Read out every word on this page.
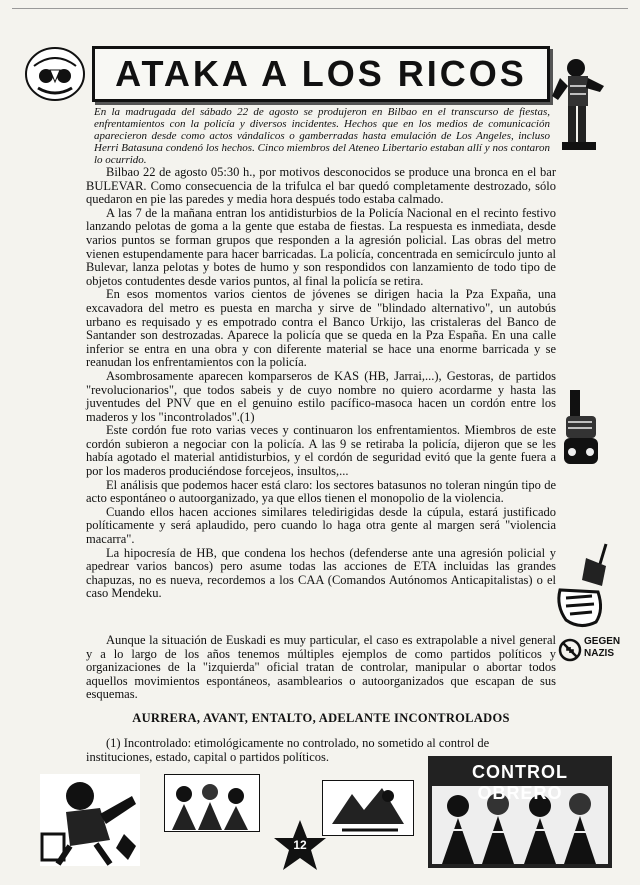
ATAKA A LOS RICOS
En la madrugada del sábado 22 de agosto se produjeron en Bilbao en el transcurso de fiestas, enfrentamientos con la policía y diversos incidentes. Hechos que en los medios de comunicación aparecieron desde como actos vándalicos o gamberradas hasta emulación de Los Angeles, incluso Herri Batasuna condenó los hechos. Cinco miembros del Ateneo Libertario estaban allí y nos contaron lo ocurrido.

Bilbao 22 de agosto 05:30 h., por motivos desconocidos se produce una bronca en el bar BULEVAR. Como consecuencia de la trifulca el bar quedó completamente destrozado, sólo quedaron en pie las paredes y media hora después todo estaba calmado.

A las 7 de la mañana entran los antidisturbios de la Policía Nacional en el recinto festivo lanzando pelotas de goma a la gente que estaba de fiestas. La respuesta es inmediata, desde varios puntos se forman grupos que responden a la agresión policial. Las obras del metro vienen estupendamente para hacer barricadas. La policía, concentrada en semicírculo junto al Bulevar, lanza pelotas y botes de humo y son respondidos con lanzamiento de todo tipo de objetos contudentes desde varios puntos, al final la policía se retira.

En esos momentos varios cientos de jóvenes se dirigen hacia la Pza Expaña, una excavadora del metro es puesta en marcha y sirve de "blindado alternativo", un autobús urbano es requisado y es empotrado contra el Banco Urkijo, las cristaleras del Banco de Santander son destrozadas. Aparece la policía que se queda en la Pza España. En una calle inferior se entra en una obra y con diferente material se hace una enorme barricada y se reanudan los enfrentamientos con la policía.

Asombrosamente aparecen komparseros de KAS (HB, Jarrai,...), Gestoras, de partidos "revolucionarios", que todos sabeis y de cuyo nombre no quiero acordarme y hasta las juventudes del PNV que en el genuino estilo pacífico-masoca hacen un cordón entre los maderos y los "incontrolados".(1)

Este cordón fue roto varias veces y continuaron los enfrentamientos. Miembros de este cordón subieron a negociar con la policía. A las 9 se retiraba la policía, dijeron que se les había agotado el material antidisturbios, y el cordón de seguridad evitó que la gente fuera a por los maderos produciéndose forcejeos, insultos,...

El análisis que podemos hacer está claro: los sectores batasunos no toleran ningún tipo de acto espontáneo o autoorganizado, ya que ellos tienen el monopolio de la violencia.

Cuando ellos hacen acciones similares teledirigidas desde la cúpula, estará justificado políticamente y será aplaudido, pero cuando lo haga otra gente al margen será "violencia macarra".

La hipocresía de HB, que condena los hechos (defenderse ante una agresión policial y apedrear varios bancos) pero asume todas las acciones de ETA incluidas las grandes chapuzas, no es nueva, recordemos a los CAA (Comandos Autónomos Anticapitalistas) o el caso Mendeku.

Aunque la situación de Euskadi es muy particular, el caso es extrapolable a nivel general y a lo largo de los años tenemos múltiples ejemplos de como partidos políticos y organizaciones de la "izquierda" oficial tratan de controlar, manipular o abortar todos aquellos movimientos espontáneos, asamblearios o autoorganizados que escapan de sus esquemas.

GEGEN
NAZIS
AURRERA, AVANT, ENTALTO, ADELANTE INCONTROLADOS

(1) Incontrolado: etimológicamente no controlado, no sometido al control de instituciones, estado, capital o partidos políticos.

12
CONTROL OBRERO
